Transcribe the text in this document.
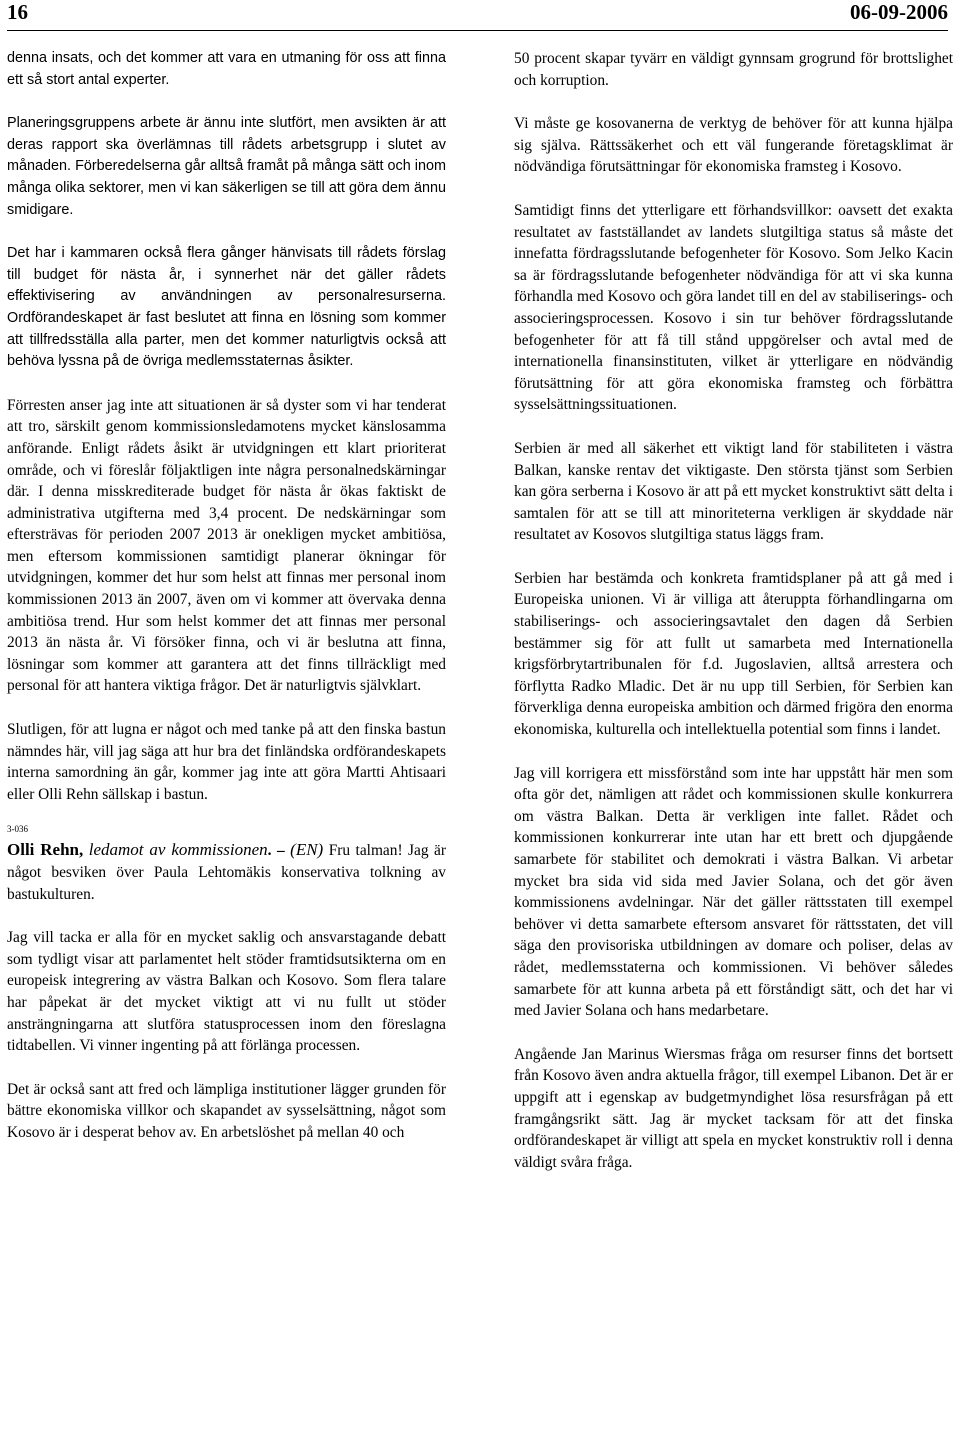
16	06-09-2006

denna insats, och det kommer att vara en utmaning för oss att finna ett så stort antal experter.

Planeringsgruppens arbete är ännu inte slutfört, men avsikten är att deras rapport ska överlämnas till rådets arbetsgrupp i slutet av månaden. Förberedelserna går alltså framåt på många sätt och inom många olika sektorer, men vi kan säkerligen se till att göra dem ännu smidigare.

Det har i kammaren också flera gånger hänvisats till rådets förslag till budget för nästa år, i synnerhet när det gäller rådets effektivisering av användningen av personalresurserna. Ordförandeskapet är fast beslutet att finna en lösning som kommer att tillfredsställa alla parter, men det kommer naturligtvis också att behöva lyssna på de övriga medlemsstaternas åsikter.

Förresten anser jag inte att situationen är så dyster som vi har tenderat att tro, särskilt genom kommissionsledamotens mycket känslosamma anförande. Enligt rådets åsikt är utvidgningen ett klart prioriterat område, och vi föreslår följaktligen inte några personalnedskärningar där. I denna misskrediterade budget för nästa år ökas faktiskt de administrativa utgifterna med 3,4 procent. De nedskärningar som eftersträvas för perioden 2007 2013 är onekligen mycket ambitiösa, men eftersom kommissionen samtidigt planerar ökningar för utvidgningen, kommer det hur som helst att finnas mer personal inom kommissionen 2013 än 2007, även om vi kommer att övervaka denna ambitiösa trend. Hur som helst kommer det att finnas mer personal 2013 än nästa år. Vi försöker finna, och vi är beslutna att finna, lösningar som kommer att garantera att det finns tillräckligt med personal för att hantera viktiga frågor. Det är naturligtvis självklart.

Slutligen, för att lugna er något och med tanke på att den finska bastun nämndes här, vill jag säga att hur bra det finländska ordförandeskapets interna samordning än går, kommer jag inte att göra Martti Ahtisaari eller Olli Rehn sällskap i bastun.

3-036

Olli Rehn, ledamot av kommissionen. – (EN) Fru talman! Jag är något besviken över Paula Lehtomäkis konservativa tolkning av bastukulturen.

Jag vill tacka er alla för en mycket saklig och ansvarstagande debatt som tydligt visar att parlamentet helt stöder framtidsutsikterna om en europeisk integrering av västra Balkan och Kosovo. Som flera talare har påpekat är det mycket viktigt att vi nu fullt ut stöder ansträngningarna att slutföra statusprocessen inom den föreslagna tidtabellen. Vi vinner ingenting på att förlänga processen.

Det är också sant att fred och lämpliga institutioner lägger grunden för bättre ekonomiska villkor och skapandet av sysselsättning, något som Kosovo är i desperat behov av. En arbetslöshet på mellan 40 och

50 procent skapar tyvärr en väldigt gynnsam grogrund för brottslighet och korruption.

Vi måste ge kosovanerna de verktyg de behöver för att kunna hjälpa sig själva. Rättssäkerhet och ett väl fungerande företagsklimat är nödvändiga förutsättningar för ekonomiska framsteg i Kosovo.

Samtidigt finns det ytterligare ett förhandsvillkor: oavsett det exakta resultatet av fastställandet av landets slutgiltiga status så måste det innefatta fördragsslutande befogenheter för Kosovo. Som Jelko Kacin sa är fördragsslutande befogenheter nödvändiga för att vi ska kunna förhandla med Kosovo och göra landet till en del av stabiliserings- och associeringsprocessen. Kosovo i sin tur behöver fördragsslutande befogenheter för att få till stånd uppgörelser och avtal med de internationella finansinstituten, vilket är ytterligare en nödvändig förutsättning för att göra ekonomiska framsteg och förbättra sysselsättningssituationen.

Serbien är med all säkerhet ett viktigt land för stabiliteten i västra Balkan, kanske rentav det viktigaste. Den största tjänst som Serbien kan göra serberna i Kosovo är att på ett mycket konstruktivt sätt delta i samtalen för att se till att minoriteterna verkligen är skyddade när resultatet av Kosovos slutgiltiga status läggs fram.

Serbien har bestämda och konkreta framtidsplaner på att gå med i Europeiska unionen. Vi är villiga att återuppta förhandlingarna om stabiliserings- och associeringsavtalet den dagen då Serbien bestämmer sig för att fullt ut samarbeta med Internationella krigsförbrytartribunalen för f.d. Jugoslavien, alltså arrestera och förflytta Radko Mladic. Det är nu upp till Serbien, för Serbien kan förverkliga denna europeiska ambition och därmed frigöra den enorma ekonomiska, kulturella och intellektuella potential som finns i landet.

Jag vill korrigera ett missförstånd som inte har uppstått här men som ofta gör det, nämligen att rådet och kommissionen skulle konkurrera om västra Balkan. Detta är verkligen inte fallet. Rådet och kommissionen konkurrerar inte utan har ett brett och djupgående samarbete för stabilitet och demokrati i västra Balkan. Vi arbetar mycket bra sida vid sida med Javier Solana, och det gör även kommissionens avdelningar. När det gäller rättsstaten till exempel behöver vi detta samarbete eftersom ansvaret för rättsstaten, det vill säga den provisoriska utbildningen av domare och poliser, delas av rådet, medlemsstaterna och kommissionen. Vi behöver således samarbete för att kunna arbeta på ett förståndigt sätt, och det har vi med Javier Solana och hans medarbetare.

Angående Jan Marinus Wiersmas fråga om resurser finns det bortsett från Kosovo även andra aktuella frågor, till exempel Libanon. Det är er uppgift att i egenskap av budgetmyndighet lösa resursfrågan på ett framgångsrikt sätt. Jag är mycket tacksam för att det finska ordförandeskapet är villigt att spela en mycket konstruktiv roll i denna väldigt svåra fråga.
